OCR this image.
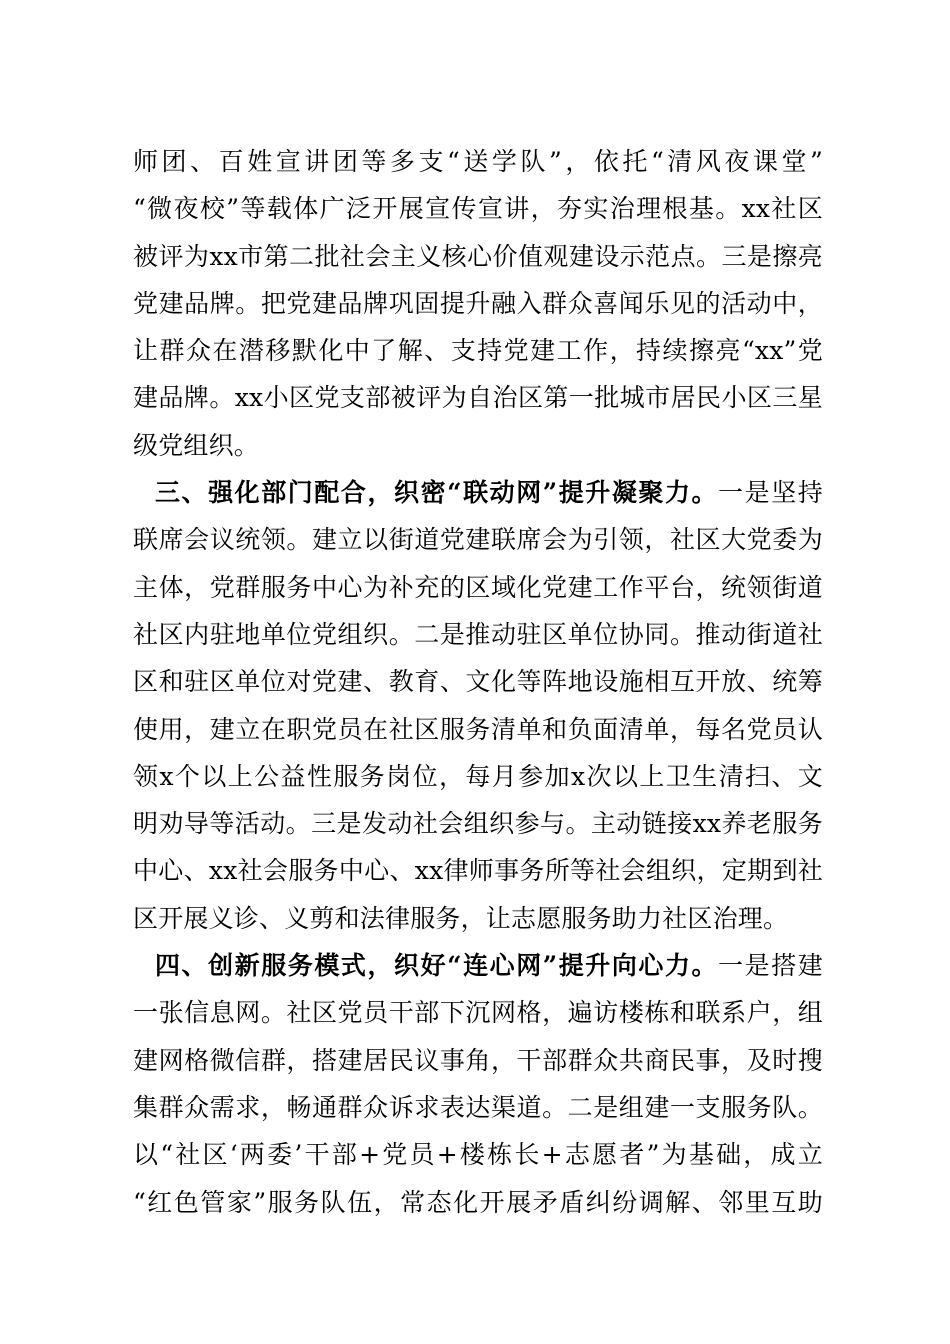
师团、百姓宣讲团等多支“送学队”，依托“清风夜课堂”
“微夜校”等载体广泛开展宣传宣讲，夯实治理根基。xx社区
被评为xx市第二批社会主义核心价值观建设示范点。三是擦亮
党建品牌。把党建品牌巩固提升融入群众喜闻乐见的活动中，
让群众在潜移默化中了解、支持党建工作，持续擦亮“xx”党
建品牌。xx小区党支部被评为自治区第一批城市居民小区三星
级党组织。
三、强化部门配合，织密“联动网”提升凝聚力。一是坚持
联席会议统领。建立以街道党建联席会为引领，社区大党委为
主体，党群服务中心为补充的区域化党建工作平台，统领街道
社区内驻地单位党组织。二是推动驻区单位协同。推动街道社
区和驻区单位对党建、教育、文化等阵地设施相互开放、统筹
使用，建立在职党员在社区服务清单和负面清单，每名党员认
领x个以上公益性服务岗位，每月参加x次以上卫生清扫、文
明劝导等活动。三是发动社会组织参与。主动链接xx养老服务
中心、xx社会服务中心、xx律师事务所等社会组织，定期到社
区开展义诊、义剪和法律服务，让志愿服务助力社区治理。
四、创新服务模式，织好“连心网”提升向心力。一是搭建
一张信息网。社区党员干部下沉网格，遍访楼栋和联系户，组
建网格微信群，搭建居民议事角，干部群众共商民事，及时搜
集群众需求，畅通群众诉求表达渠道。二是组建一支服务队。
以“社区‘两委’干部+党员+楼栋长+志愿者”为基础，成立
“红色管家”服务队伍，常态化开展矛盾纠纷调解、邻里互助
